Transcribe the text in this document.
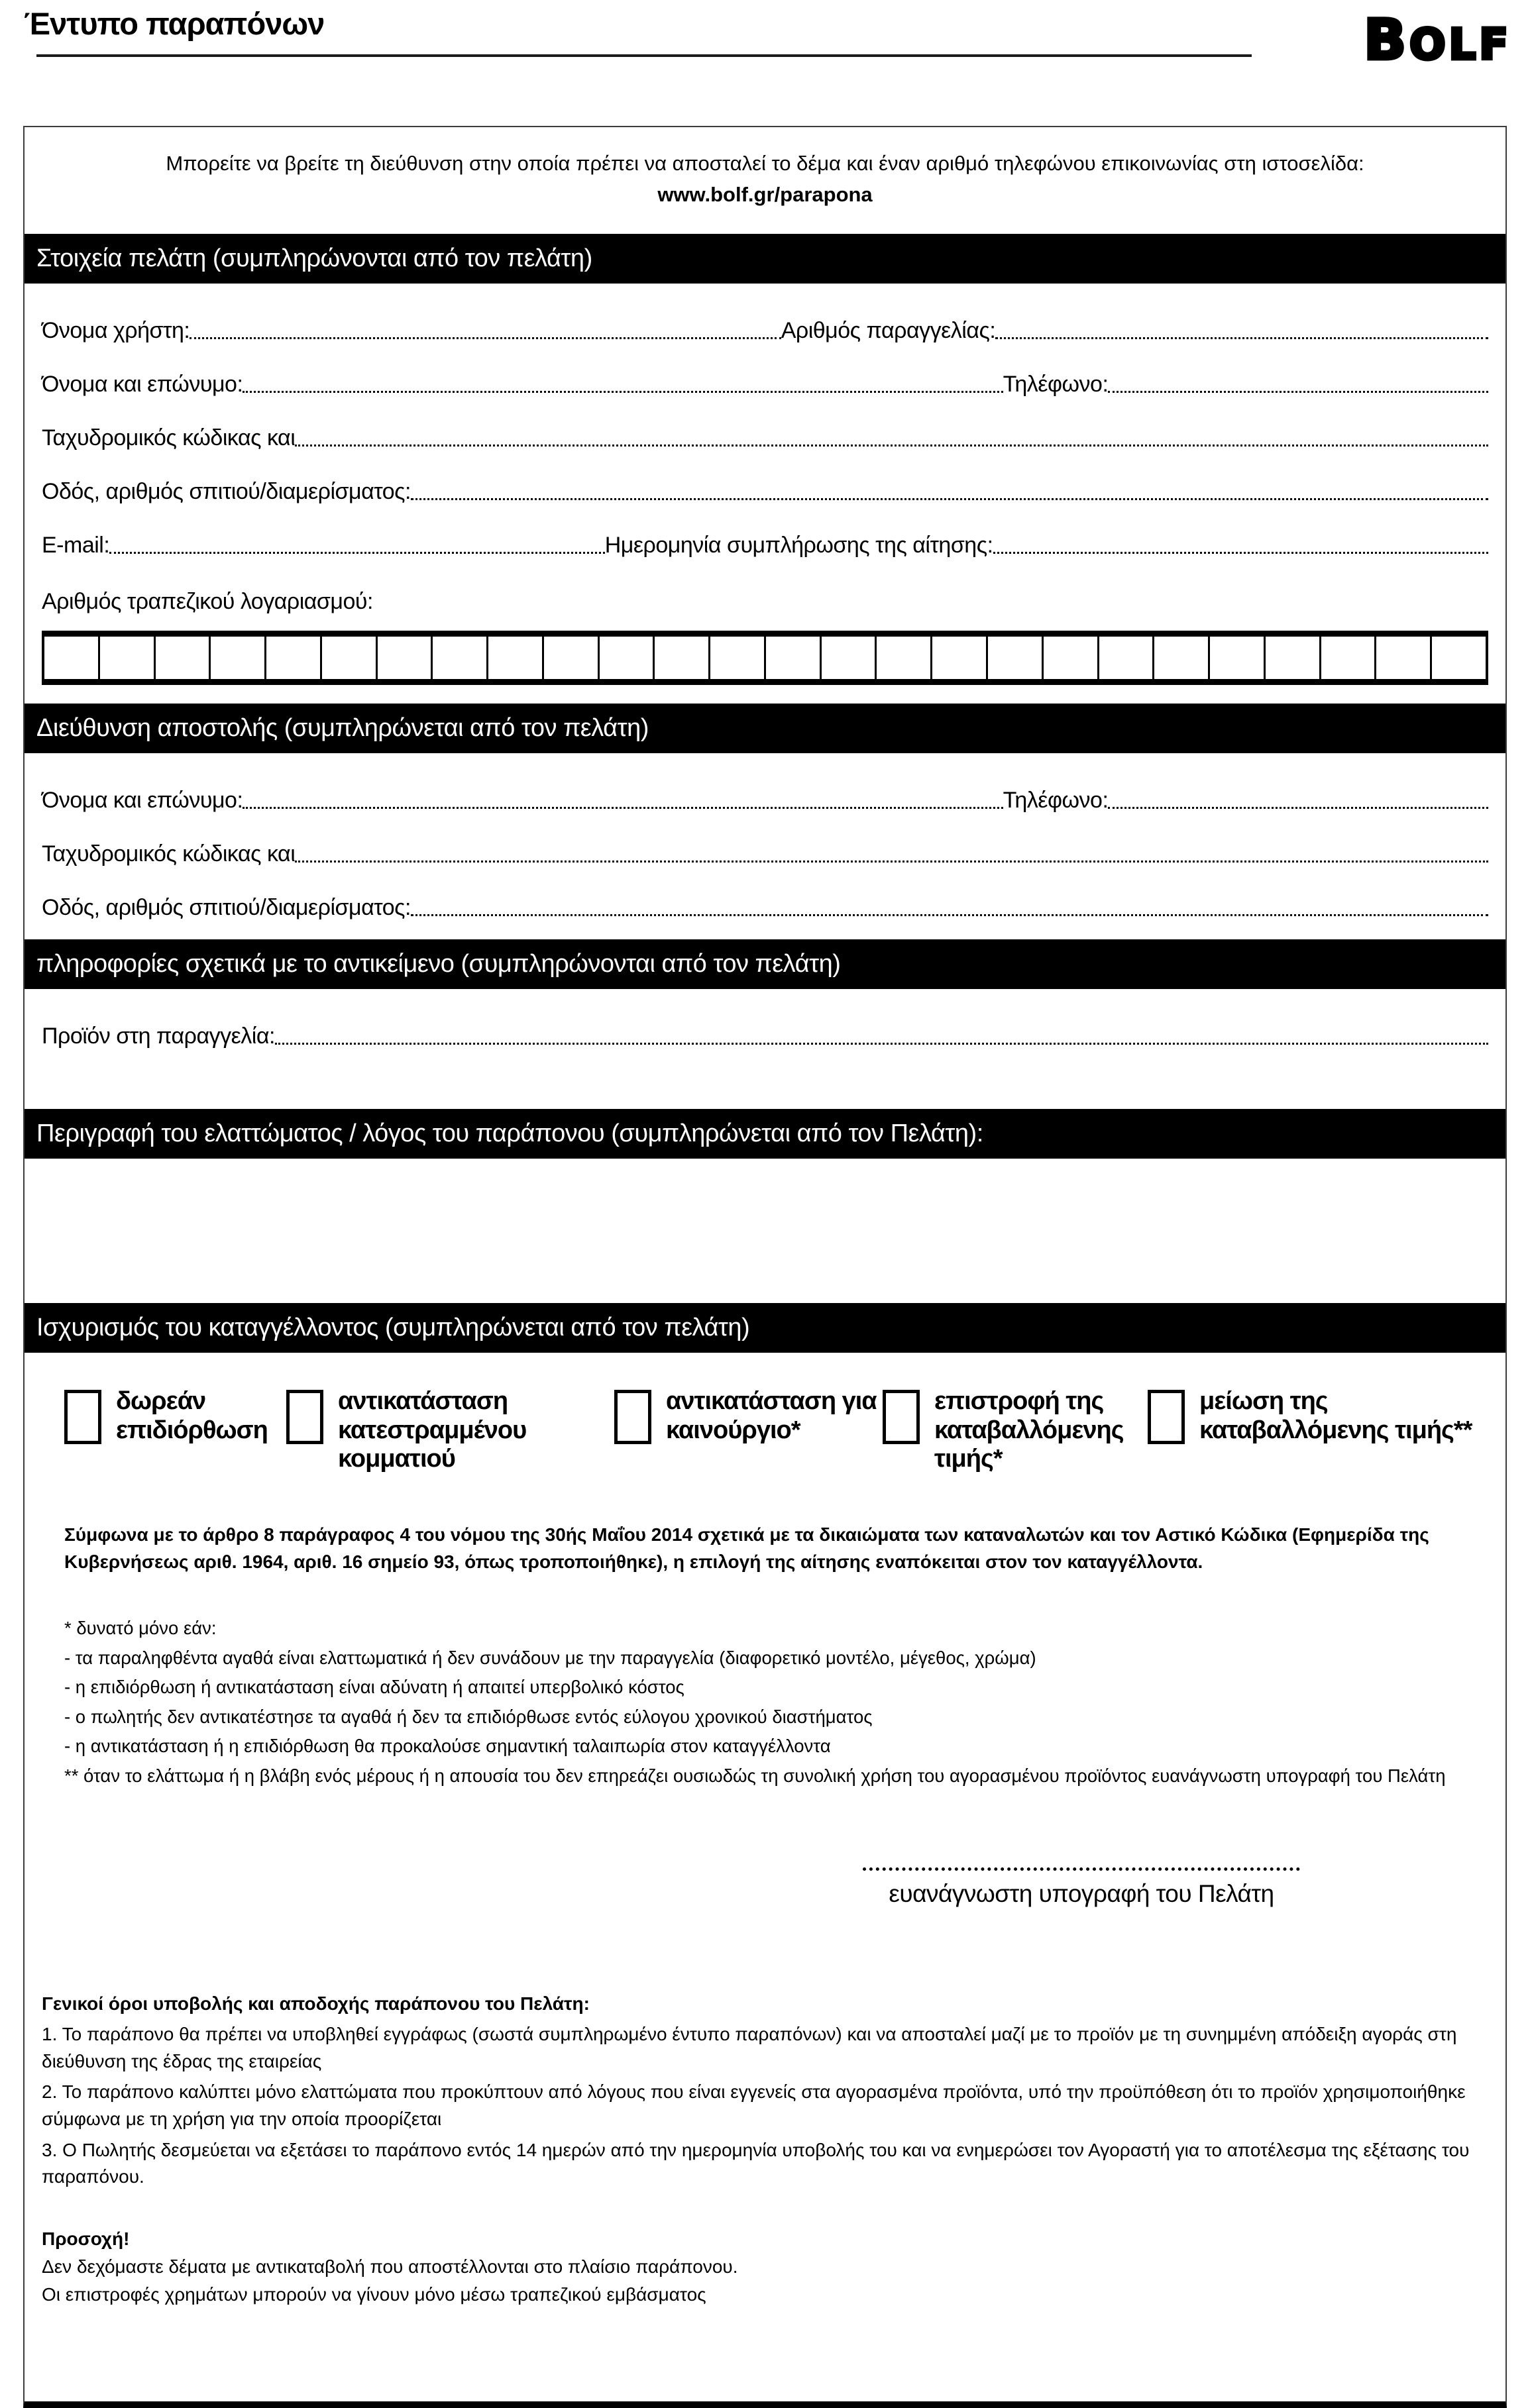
Έντυπο παραπόνων	BOLF
Μπορείτε να βρείτε τη διεύθυνση στην οποία πρέπει να αποσταλεί το δέμα και έναν αριθμό τηλεφώνου επικοινωνίας στη ιστοσελίδα: www.bolf.gr/parapona
Στοιχεία πελάτη (συμπληρώνονται από τον πελάτη)
Όνομα χρήστη:	Αριθμός παραγγελίας:
Όνομα και επώνυμο:	Τηλέφωνο:
Ταχυδρομικός κώδικας και
Οδός, αριθμός σπιτιού/διαμερίσματος:
E-mail:	Ημερομηνία συμπλήρωσης της αίτησης:
Αριθμός τραπεζικού λογαριασμού:
Διεύθυνση αποστολής (συμπληρώνεται από τον πελάτη)
Όνομα και επώνυμο:	Τηλέφωνο:
Ταχυδρομικός κώδικας και
Οδός, αριθμός σπιτιού/διαμερίσματος:
πληροφορίες σχετικά με το αντικείμενο (συμπληρώνονται από τον πελάτη)
Προϊόν στη παραγγελία:
Περιγραφή του ελαττώματος / λόγος του παράπονου (συμπληρώνεται από τον Πελάτη):
Ισχυρισμός του καταγγέλλοντος (συμπληρώνεται από τον πελάτη)
δωρεάν επιδιόρθωση
αντικατάσταση κατεστραμμένου κομματιού
αντικατάσταση για καινούργιο*
επιστροφή της καταβαλλόμενης τιμής*
μείωση της καταβαλλόμενης τιμής**
Σύμφωνα με το άρθρο 8 παράγραφος 4 του νόμου της 30ής Μαΐου 2014 σχετικά με τα δικαιώματα των καταναλωτών και τον Αστικό Κώδικα (Εφημερίδα της Κυβερνήσεως αριθ. 1964, αριθ. 16 σημείο 93, όπως τροποποιήθηκε), η επιλογή της αίτησης εναπόκειται στον τον καταγγέλλοντα.

* δυνατό μόνο εάν:

- τα παραληφθέντα αγαθά είναι ελαττωματικά ή δεν συνάδουν με την παραγγελία (διαφορετικό μοντέλο, μέγεθος, χρώμα)

- η επιδιόρθωση ή αντικατάσταση είναι αδύνατη ή απαιτεί υπερβολικό κόστος

- ο πωλητής δεν αντικατέστησε τα αγαθά ή δεν τα επιδιόρθωσε εντός εύλογου χρονικού διαστήματος

- η αντικατάσταση ή η επιδιόρθωση θα προκαλούσε σημαντική ταλαιπωρία στον καταγγέλλοντα

** όταν το ελάττωμα ή η βλάβη ενός μέρους ή η απουσία του δεν επηρεάζει ουσιωδώς τη συνολική χρήση του αγορασμένου προϊόντος ευανάγνωστη υπογραφή του Πελάτη

ευανάγνωστη υπογραφή του Πελάτη

Γενικοί όροι υποβολής και αποδοχής παράπονου του Πελάτη:

1. Το παράπονο θα πρέπει να υποβληθεί εγγράφως (σωστά συμπληρωμένο έντυπο παραπόνων) και να αποσταλεί μαζί με το προϊόν με τη συνημμένη απόδειξη αγοράς στη διεύθυνση της έδρας της εταιρείας

2. Το παράπονο καλύπτει μόνο ελαττώματα που προκύπτουν από λόγους που είναι εγγενείς στα αγορασμένα προϊόντα, υπό την προϋπόθεση ότι το προϊόν χρησιμοποιήθηκε σύμφωνα με τη χρήση για την οποία προορίζεται

3. Ο Πωλητής δεσμεύεται να εξετάσει το παράπονο εντός 14 ημερών από την ημερομηνία υποβολής του και να ενημερώσει τον Αγοραστή για το αποτέλεσμα της εξέτασης του παραπόνου.

Προσοχή!

Δεν δεχόμαστε δέματα με αντικαταβολή που αποστέλλονται στο πλαίσιο παράπονου.

Οι επιστροφές χρημάτων μπορούν να γίνουν μόνο μέσω τραπεζικού εμβάσματος
